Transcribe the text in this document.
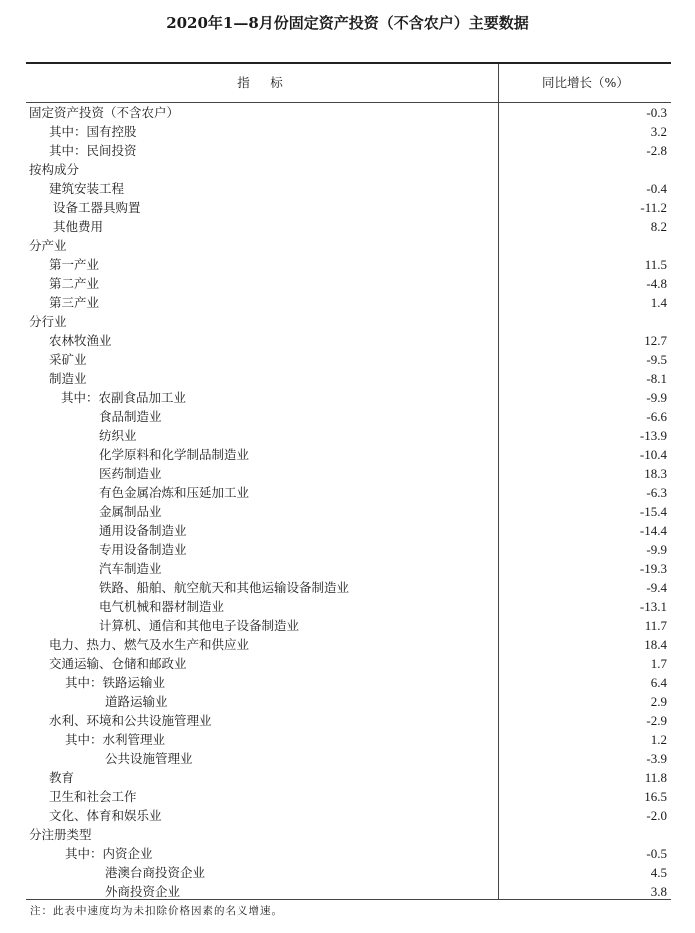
2020年1—8月份固定资产投资（不含农户）主要数据
指　标	同比增长（%）
固定资产投资（不含农户）	-0.3
其中：国有控股	3.2
其中：民间投资	-2.8
按构成分
建筑安装工程	-0.4
设备工器具购置	-11.2
其他费用	8.2
分产业
第一产业	11.5
第二产业	-4.8
第三产业	1.4
分行业
农林牧渔业	12.7
采矿业	-9.5
制造业	-8.1
其中：农副食品加工业	-9.9
食品制造业	-6.6
纺织业	-13.9
化学原料和化学制品制造业	-10.4
医药制造业	18.3
有色金属冶炼和压延加工业	-6.3
金属制品业	-15.4
通用设备制造业	-14.4
专用设备制造业	-9.9
汽车制造业	-19.3
铁路、船舶、航空航天和其他运输设备制造业	-9.4
电气机械和器材制造业	-13.1
计算机、通信和其他电子设备制造业	11.7
电力、热力、燃气及水生产和供应业	18.4
交通运输、仓储和邮政业	1.7
其中：铁路运输业	6.4
道路运输业	2.9
水利、环境和公共设施管理业	-2.9
其中：水利管理业	1.2
公共设施管理业	-3.9
教育	11.8
卫生和社会工作	16.5
文化、体育和娱乐业	-2.0
分注册类型
其中：内资企业	-0.5
港澳台商投资企业	4.5
外商投资企业	3.8
注：此表中速度均为未扣除价格因素的名义增速。
